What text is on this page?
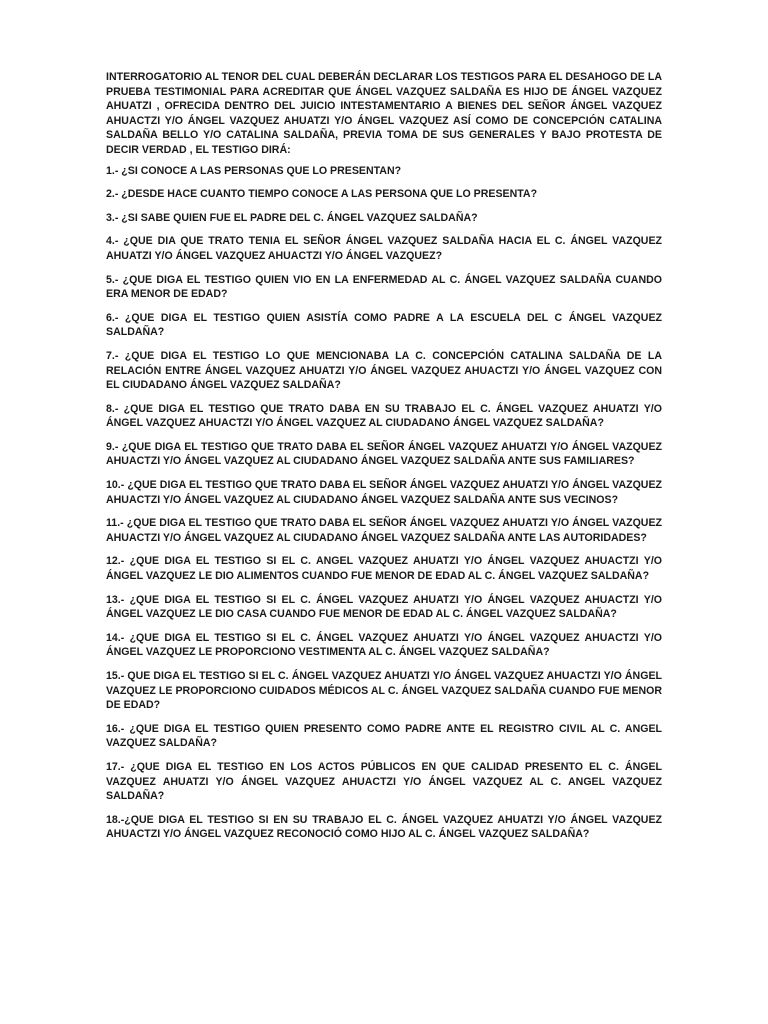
INTERROGATORIO AL TENOR DEL CUAL DEBERÁN DECLARAR LOS TESTIGOS PARA EL DESAHOGO DE LA PRUEBA TESTIMONIAL PARA ACREDITAR QUE ÁNGEL VAZQUEZ SALDAÑA ES HIJO DE ÁNGEL VAZQUEZ AHUATZI , OFRECIDA DENTRO DEL JUICIO INTESTAMENTARIO A BIENES DEL SEÑOR ÁNGEL VAZQUEZ AHUACTZI Y/O ÁNGEL VAZQUEZ AHUATZI Y/O ÁNGEL VAZQUEZ ASÍ COMO DE CONCEPCIÓN CATALINA SALDAÑA BELLO Y/O CATALINA SALDAÑA, PREVIA TOMA DE SUS GENERALES Y BAJO PROTESTA DE DECIR VERDAD , EL TESTIGO DIRÁ:

1.- ¿SI CONOCE A LAS PERSONAS QUE LO PRESENTAN?

2.- ¿DESDE HACE CUANTO TIEMPO CONOCE A LAS PERSONA QUE LO PRESENTA?

3.- ¿SI SABE QUIEN FUE EL PADRE DEL C. ÁNGEL VAZQUEZ SALDAÑA?

4.- ¿QUE DIA QUE TRATO TENIA EL SEÑOR ÁNGEL VAZQUEZ SALDAÑA HACIA EL C. ÁNGEL VAZQUEZ AHUATZI Y/O ÁNGEL VAZQUEZ AHUACTZI Y/O ÁNGEL VAZQUEZ?

5.- ¿QUE DIGA EL TESTIGO QUIEN VIO EN LA ENFERMEDAD AL C. ÁNGEL VAZQUEZ SALDAÑA CUANDO ERA MENOR DE EDAD?

6.- ¿QUE DIGA EL TESTIGO QUIEN ASISTÍA COMO PADRE A LA ESCUELA DEL C ÁNGEL VAZQUEZ SALDAÑA?

7.- ¿QUE DIGA EL TESTIGO LO QUE MENCIONABA LA C. CONCEPCIÓN CATALINA SALDAÑA DE LA RELACIÓN ENTRE ÁNGEL VAZQUEZ AHUATZI Y/O ÁNGEL VAZQUEZ AHUACTZI Y/O ÁNGEL VAZQUEZ CON EL CIUDADANO ÁNGEL VAZQUEZ SALDAÑA?

8.- ¿QUE DIGA EL TESTIGO QUE TRATO DABA EN SU TRABAJO EL C. ÁNGEL VAZQUEZ AHUATZI Y/O ÁNGEL VAZQUEZ AHUACTZI Y/O ÁNGEL VAZQUEZ AL CIUDADANO ÁNGEL VAZQUEZ SALDAÑA?

9.- ¿QUE DIGA EL TESTIGO QUE TRATO DABA EL SEÑOR ÁNGEL VAZQUEZ AHUATZI Y/O ÁNGEL VAZQUEZ AHUACTZI Y/O ÁNGEL VAZQUEZ AL CIUDADANO ÁNGEL VAZQUEZ SALDAÑA ANTE SUS FAMILIARES?

10.- ¿QUE DIGA EL TESTIGO QUE TRATO DABA EL SEÑOR ÁNGEL VAZQUEZ AHUATZI Y/O ÁNGEL VAZQUEZ AHUACTZI Y/O ÁNGEL VAZQUEZ AL CIUDADANO ÁNGEL VAZQUEZ SALDAÑA ANTE SUS VECINOS?

11.- ¿QUE DIGA EL TESTIGO QUE TRATO DABA EL SEÑOR ÁNGEL VAZQUEZ AHUATZI Y/O ÁNGEL VAZQUEZ AHUACTZI Y/O ÁNGEL VAZQUEZ AL CIUDADANO ÁNGEL VAZQUEZ SALDAÑA ANTE LAS AUTORIDADES?

12.- ¿QUE DIGA EL TESTIGO SI EL C. ANGEL VAZQUEZ AHUATZI Y/O ÁNGEL VAZQUEZ AHUACTZI Y/O ÁNGEL VAZQUEZ LE DIO ALIMENTOS CUANDO FUE MENOR DE EDAD AL C. ÁNGEL VAZQUEZ SALDAÑA?

13.- ¿QUE DIGA EL TESTIGO SI EL C. ÁNGEL VAZQUEZ AHUATZI Y/O ÁNGEL VAZQUEZ AHUACTZI Y/O ÁNGEL VAZQUEZ LE DIO CASA CUANDO FUE MENOR DE EDAD AL C. ÁNGEL VAZQUEZ SALDAÑA?

14.- ¿QUE DIGA EL TESTIGO SI EL C. ÁNGEL VAZQUEZ AHUATZI Y/O ÁNGEL VAZQUEZ AHUACTZI Y/O ÁNGEL VAZQUEZ LE PROPORCIONO VESTIMENTA AL C. ÁNGEL VAZQUEZ SALDAÑA?

15.- QUE DIGA EL TESTIGO SI EL C. ÁNGEL VAZQUEZ AHUATZI Y/O ÁNGEL VAZQUEZ AHUACTZI Y/O ÁNGEL VAZQUEZ LE PROPORCIONO CUIDADOS MÉDICOS AL C. ÁNGEL VAZQUEZ SALDAÑA CUANDO FUE MENOR DE EDAD?

16.- ¿QUE DIGA EL TESTIGO QUIEN PRESENTO COMO PADRE ANTE EL REGISTRO CIVIL AL C. ANGEL VAZQUEZ SALDAÑA?

17.- ¿QUE DIGA EL TESTIGO EN LOS ACTOS PÚBLICOS EN QUE CALIDAD PRESENTO EL C. ÁNGEL VAZQUEZ AHUATZI Y/O ÁNGEL VAZQUEZ AHUACTZI Y/O ÁNGEL VAZQUEZ AL C. ANGEL VAZQUEZ SALDAÑA?

18.-¿QUE DIGA EL TESTIGO SI EN SU TRABAJO EL C. ÁNGEL VAZQUEZ AHUATZI Y/O ÁNGEL VAZQUEZ AHUACTZI Y/O ÁNGEL VAZQUEZ RECONOCIÓ COMO HIJO AL C. ÁNGEL VAZQUEZ SALDAÑA?
